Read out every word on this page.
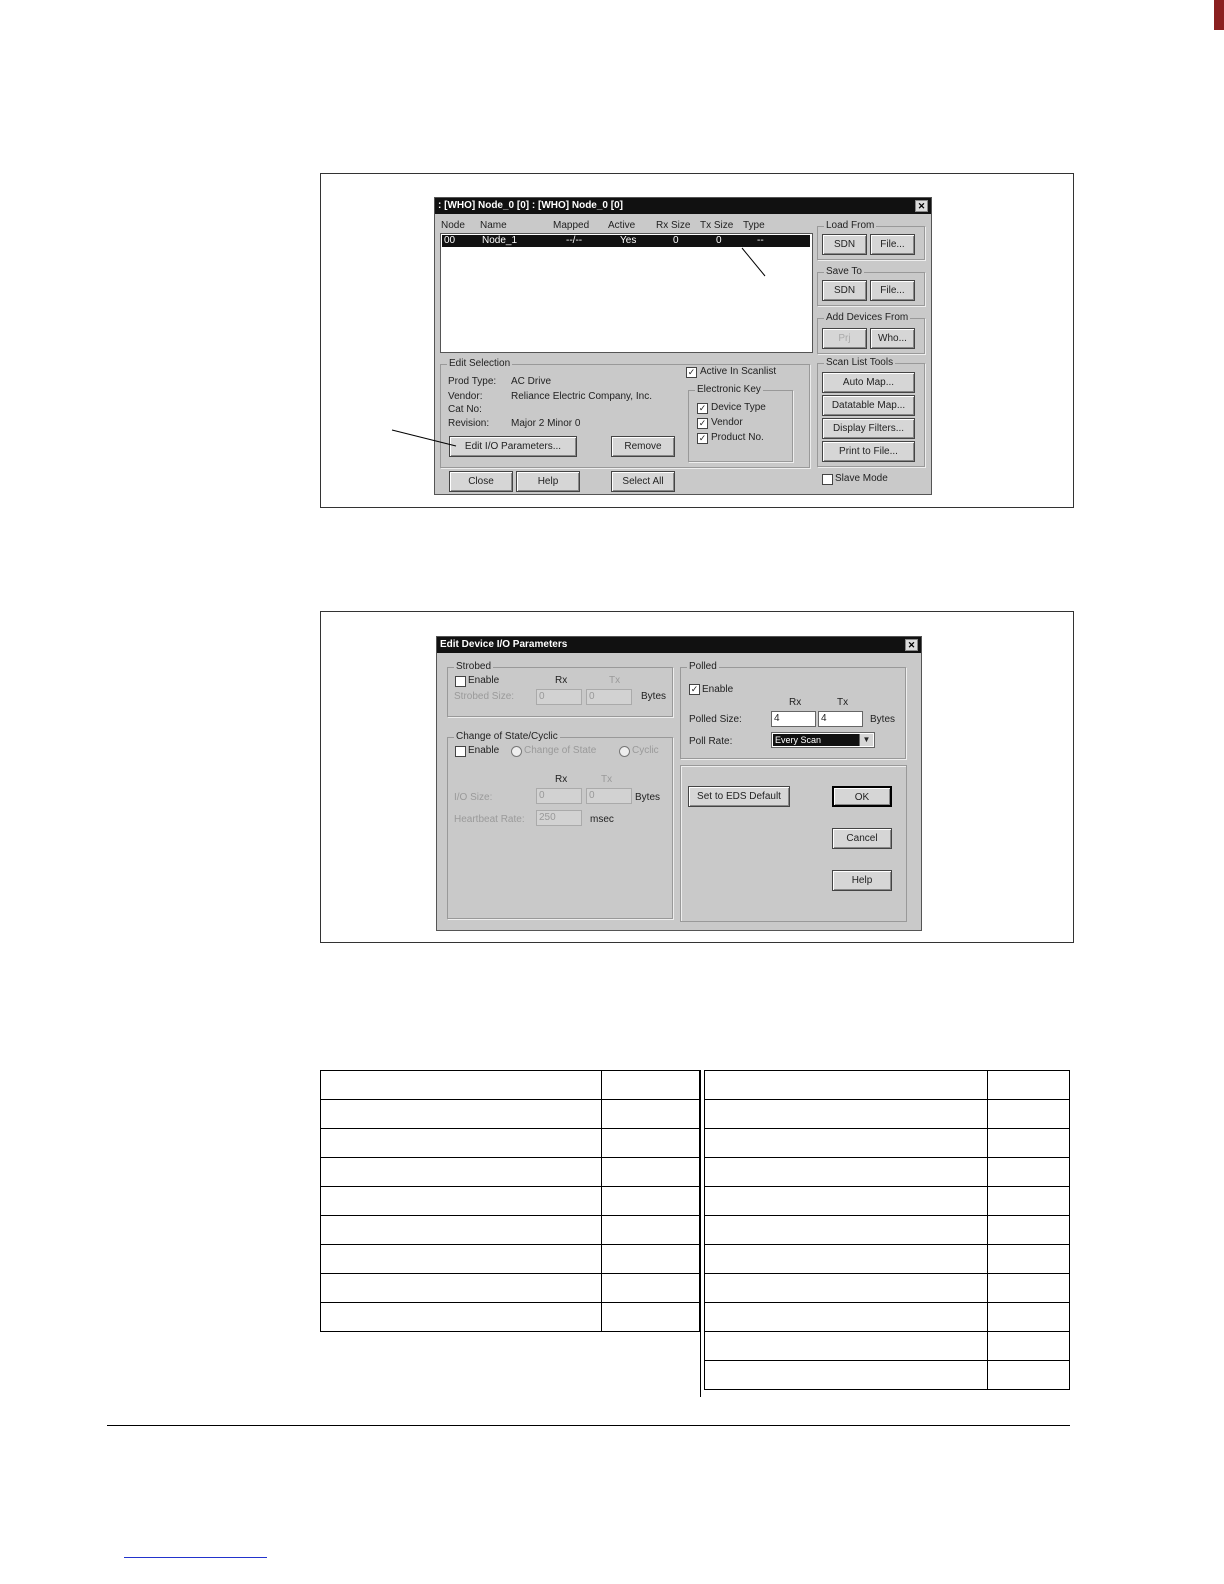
: [WHO] Node_0 [0] : [WHO] Node_0 [0]	✕
Node Name	Mapped Active Rx Size Tx Size Type
00	Node_1	--/--	Yes	0	0	--
Load From
SDN	File...
Save To
SDN	File...
Add Devices From
Prj	Who...
Scan List Tools
Auto Map...
Datatable Map...
Display Filters...
Print to File...
Slave Mode
Edit Selection
Prod Type: AC Drive
Vendor:	Reliance Electric Company, Inc.
Cat No:
Revision: Major 2 Minor 0
Edit I/O Parameters...	Remove
✓ Active In Scanlist
Electronic Key
✓ Device Type
✓ Vendor
✓ Product No.
Close	Help	Select All
Edit Device I/O Parameters	✕
Strobed
Enable	Rx	Tx
Strobed Size:	0	0	Bytes
Change of State/Cyclic
Enable Change of State	Cyclic
Rx	Tx
I/O Size:	0	0	Bytes
Heartbeat Rate:	250	msec
Polled
✓ Enable
Rx	Tx
Polled Size:	4	4	Bytes
Poll Rate:	Every Scan	▼
Set to EDS Default	OK
Cancel
Help
